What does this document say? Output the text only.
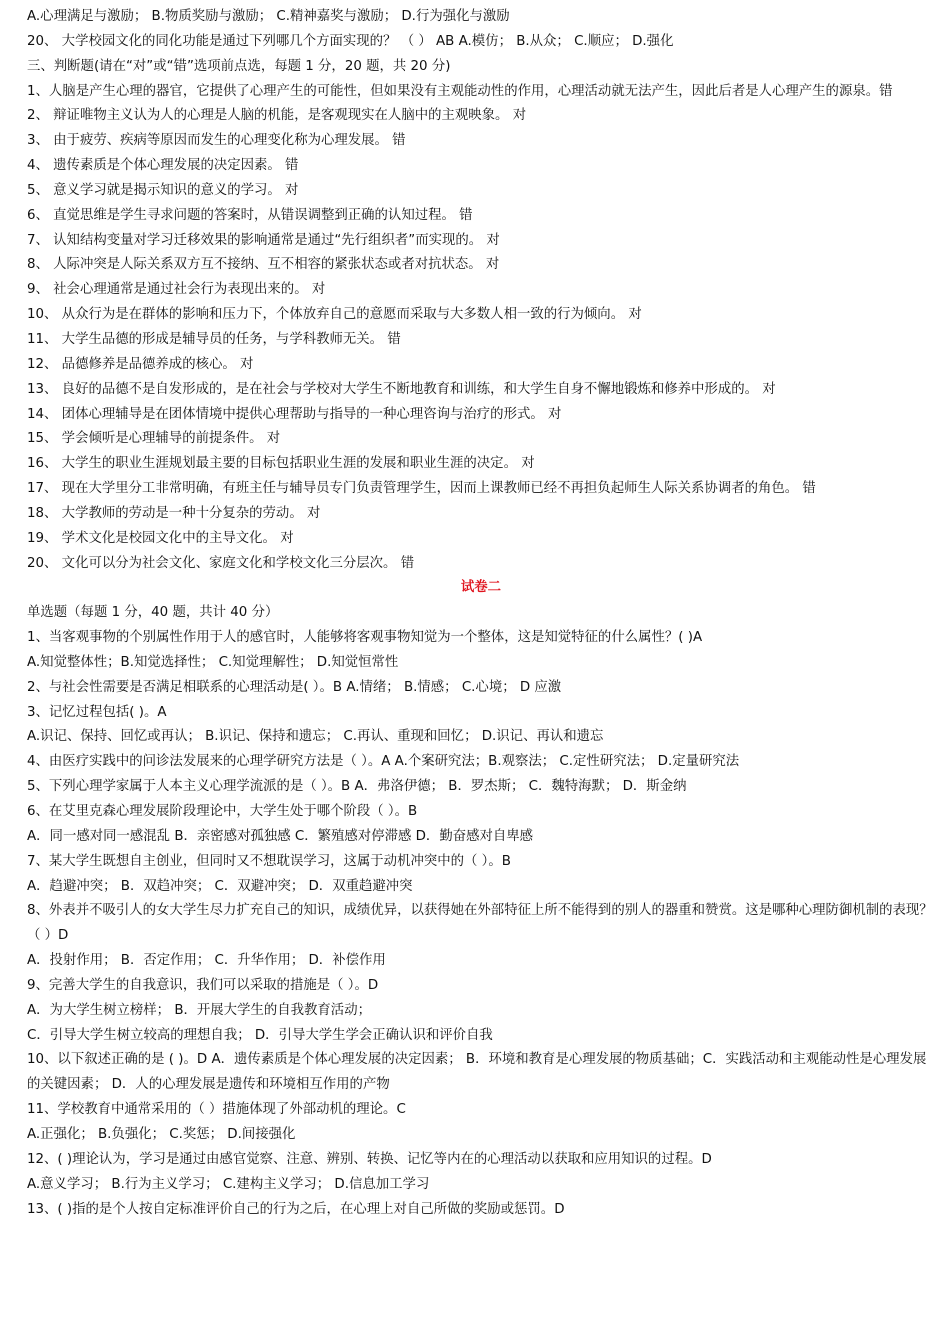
A.心理满足与激励； B.物质奖励与激励； C.精神嘉奖与激励； D.行为强化与激励
20、 大学校园文化的同化功能是通过下列哪几个方面实现的？ （ ） AB A.模仿； B.从众； C.顺应； D.强化
三、判断题(请在“对”或“错”选项前点选，每题 1 分，20 题，共 20 分)
1、人脑是产生心理的器官，它提供了心理产生的可能性，但如果没有主观能动性的作用，心理活动就无法产生，因此后者是人心理产生的源泉。错
2、 辩证唯物主义认为人的心理是人脑的机能，是客观现实在人脑中的主观映象。 对
3、 由于疲劳、疾病等原因而发生的心理变化称为心理发展。 错
4、 遗传素质是个体心理发展的决定因素。 错
5、 意义学习就是揭示知识的意义的学习。 对
6、 直觉思维是学生寻求问题的答案时，从错误调整到正确的认知过程。 错
7、 认知结构变量对学习迁移效果的影响通常是通过“先行组织者”而实现的。 对
8、 人际冲突是人际关系双方互不接纳、互不相容的紧张状态或者对抗状态。 对
9、 社会心理通常是通过社会行为表现出来的。 对
10、 从众行为是在群体的影响和压力下，个体放弃自己的意愿而采取与大多数人相一致的行为倾向。 对
11、 大学生品德的形成是辅导员的任务，与学科教师无关。 错
12、 品德修养是品德养成的核心。 对
13、 良好的品德不是自发形成的，是在社会与学校对大学生不断地教育和训练，和大学生自身不懈地锻炼和修养中形成的。 对
14、 团体心理辅导是在团体情境中提供心理帮助与指导的一种心理咨询与治疗的形式。 对
15、 学会倾听是心理辅导的前提条件。 对
16、 大学生的职业生涯规划最主要的目标包括职业生涯的发展和职业生涯的决定。 对
17、 现在大学里分工非常明确，有班主任与辅导员专门负责管理学生，因而上课教师已经不再担负起师生人际关系协调者的角色。 错
18、 大学教师的劳动是一种十分复杂的劳动。 对
19、 学术文化是校园文化中的主导文化。 对
20、 文化可以分为社会文化、家庭文化和学校文化三分层次。 错
试卷二
单选题（每题 1 分，40 题，共计 40 分）
1、当客观事物的个别属性作用于人的感官时，人能够将客观事物知觉为一个整体，这是知觉特征的什么属性？( )A
A.知觉整体性；B.知觉选择性； C.知觉理解性； D.知觉恒常性
2、与社会性需要是否满足相联系的心理活动是( ）。B A.情绪； B.情感； C.心境； D 应激
3、记忆过程包括( )。A
A.识记、保持、回忆或再认； B.识记、保持和遗忘； C.再认、重现和回忆； D.识记、再认和遗忘
4、由医疗实践中的问诊法发展来的心理学研究方法是（ ）。A A.个案研究法；B.观察法； C.定性研究法； D.定量研究法
5、下列心理学家属于人本主义心理学流派的是（ ）。B A．弗洛伊德； B．罗杰斯； C．魏特海默； D．斯金纳
6、在艾里克森心理发展阶段理论中，大学生处于哪个阶段（ ）。B
A．同一感对同一感混乱 B．亲密感对孤独感 C．繁殖感对停滞感 D．勤奋感对自卑感
7、某大学生既想自主创业，但同时又不想耽误学习，这属于动机冲突中的（ ）。B
A．趋避冲突； B．双趋冲突； C．双避冲突； D．双重趋避冲突
8、外表并不吸引人的女大学生尽力扩充自己的知识，成绩优异，以获得她在外部特征上所不能得到的别人的器重和赞赏。这是哪种心理防御机制的表现？ （ ）D
A．投射作用； B．否定作用； C．升华作用； D．补偿作用
9、完善大学生的自我意识，我们可以采取的措施是（ ）。D
A．为大学生树立榜样； B．开展大学生的自我教育活动；
C．引导大学生树立较高的理想自我； D．引导大学生学会正确认识和评价自我
10、以下叙述正确的是 ( )。D A．遗传素质是个体心理发展的决定因素； B．环境和教育是心理发展的物质基础；C．实践活动和主观能动性是心理发展的关键因素； D．人的心理发展是遗传和环境相互作用的产物
11、学校教育中通常采用的（ ）措施体现了外部动机的理论。C
A.正强化； B.负强化； C.奖惩； D.间接强化
12、( )理论认为，学习是通过由感官觉察、注意、辨别、转换、记忆等内在的心理活动以获取和应用知识的过程。D
A.意义学习； B.行为主义学习； C.建构主义学习； D.信息加工学习
13、( )指的是个人按自定标准评价自己的行为之后，在心理上对自己所做的奖励或惩罚。D
